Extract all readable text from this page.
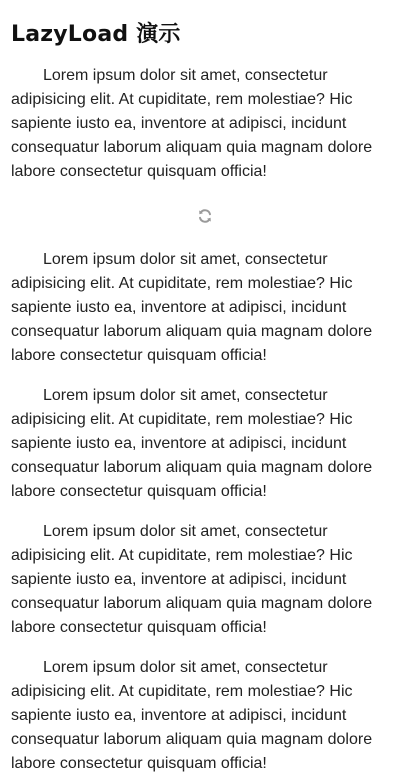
LazyLoad 演示

Lorem ipsum dolor sit amet, consectetur adipisicing elit. At cupiditate, rem molestiae? Hic sapiente iusto ea, inventore at adipisci, incidunt consequatur laborum aliquam quia magnam dolore labore consectetur quisquam officia!

Lorem ipsum dolor sit amet, consectetur adipisicing elit. At cupiditate, rem molestiae? Hic sapiente iusto ea, inventore at adipisci, incidunt consequatur laborum aliquam quia magnam dolore labore consectetur quisquam officia!

Lorem ipsum dolor sit amet, consectetur adipisicing elit. At cupiditate, rem molestiae? Hic sapiente iusto ea, inventore at adipisci, incidunt consequatur laborum aliquam quia magnam dolore labore consectetur quisquam officia!

Lorem ipsum dolor sit amet, consectetur adipisicing elit. At cupiditate, rem molestiae? Hic sapiente iusto ea, inventore at adipisci, incidunt consequatur laborum aliquam quia magnam dolore labore consectetur quisquam officia!

Lorem ipsum dolor sit amet, consectetur adipisicing elit. At cupiditate, rem molestiae? Hic sapiente iusto ea, inventore at adipisci, incidunt consequatur laborum aliquam quia magnam dolore labore consectetur quisquam officia!
